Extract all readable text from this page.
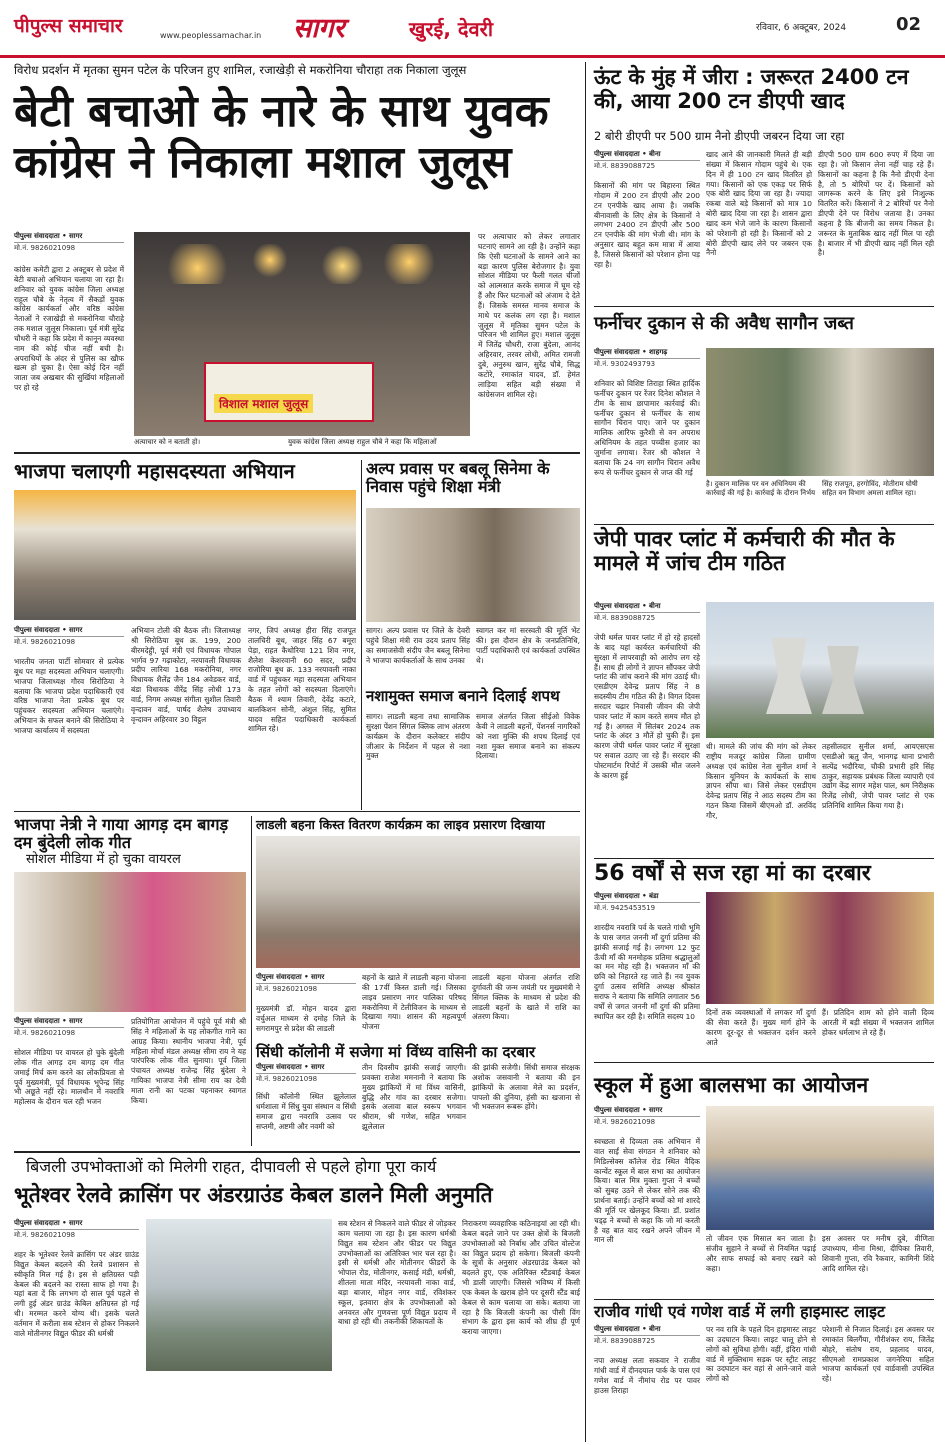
पीपुल्स समाचार	www.peoplessamachar.in सागर	खुरई, देवरी	रविवार, 6 अक्टूबर, 2024	02
विरोध प्रदर्शन में मृतका सुमन पटेल के परिजन हुए शामिल, रजाखेड़ी से मकरोनिया चौराहा तक निकाला जुलूस
बेटी बचाओ के नारे के साथ युवक कांग्रेस ने निकाला मशाल जुलूस
पीपुल्स संवाददाता • सागर
मो.नं. 9826021098
कांग्रेस कमेटी द्वारा 2 अक्टूबर से प्रदेश में बेटी बचाओ अभियान चलाया जा रहा है। शनिवार को युवक कांग्रेस जिला अध्यक्ष राहुल चौबे के नेतृत्व में सैकड़ों युवक कांग्रेस कार्यकर्ता और वरिष्ठ कांग्रेस नेताओं ने रजाखेड़ी से मकरोनिया चौराहे तक मशाल जुलूस निकाला। पूर्व मंत्री सुरेंद्र चौधरी ने कहा कि प्रदेश में कानून व्यवस्था नाम की कोई चीज नहीं बची है। अपराधियों के अंदर से पुलिस का खौफ खत्म हो चुका है। ऐसा कोई दिन नहीं जाता जब अखबार की सुर्खियां महिलाओं पर हो रहे
विशाल मशाल जुलूस
अत्याचार को न बताती हो।	युवक कांग्रेस जिला अध्यक्ष राहुल चौबे ने कहा कि महिलाओं
पर अत्याचार को लेकर लगातार घटनाएं सामने आ रही है। उन्होंने कहा कि ऐसी घटनाओं के सामने आने का बड़ा कारण पुलिस बेरोजगार है। युवा सोशल मीडिया पर फैली गलत चीजों को आत्मसात करके समाज में घूम रहे हैं और फिर घटनाओं को अंजाम दे देते हैं। जिसके समस्त मानव समाज के माथे पर कलंक लग रहा है। मशाल जुलूस में मृतिका सुमन पटेल के परिजन भी शामिल हुए। मशाल जुलूस में जितेंद्र चौधरी, राजा बुंदेला, आनंद अहिरवार, तरवर लोधी, अमित रामजी दुबे, अनुरुध खान, सुरेंद्र चौबे, सिद्ध कटोरे, रमाकांत यादव, डॉ. हेमंत लाड़िया सहित बड़ी संख्या में कांग्रेसजन शामिल रहे।
भाजपा चलाएगी महासदस्यता अभियान
पीपुल्स संवाददाता • सागर
मो.नं. 9826021098
भारतीय जनता पार्टी सोमवार से प्रत्येक बूथ पर महा सदस्यता अभियान चलाएगी। भाजपा जिलाध्यक्ष गौरव सिरोठिया ने बताया कि भाजपा प्रदेश पदाधिकारी एवं वरिष्ठ भाजपा नेता प्रत्येक बूथ पर पहुंचकर सदस्यता अभियान चलाएंगे। अभियान के सफल बनाने की सिरोठिया ने भाजपा कार्यालय में सदस्यता
अभियान टोली की बैठक ली। जिलाध्यक्ष श्री सिरोठिया बूथ क्र. 199, 200 बीरमदेहुी, पूर्व मंत्री एवं विधायक गोपाल भार्गव 97 गढ़ाकोटा, नरयावली विधायक प्रदीप लारिया 168 मकरोनिया, नगर विधायक शैलेंद्र जैन 184 अवेडकर वार्ड, बंडा विधायक वीरेंद्र सिंह लोधी 173 वार्ड, निगम अध्यक्ष संगीता सुशील तिवारी वृन्दावन वार्ड, पार्षद शैलेष उपाध्याय वृन्दावन अहिरवार 30 विट्ठल
नगर, जिपं अध्यक्ष हीरा सिंह राजपूत तालचिरी बूथ, जाहर सिंह 67 बमूरा पेड़ा, राहत कैथोरिया 121 शिव नगर, शैलेश केशरवानी 60 सदर, प्रदीप राजोरिया बूथ क्र. 133 नरयावली नाका वार्ड में पहुंचकर महा सदस्यता अभियान के तहत लोगों को सदस्यता दिलाएंगे। बैठक में श्याम तिवारी, देवेंद्र कटारे, बालकिशन सोनी, अंशुल सिंह, सुमित यादव सहित पदाधिकारी कार्यकर्ता शामिल रहे।
अल्प प्रवास पर बबलू सिनेमा के निवास पहुंचे शिक्षा मंत्री
सागर। अल्प प्रवास पर जिले के देवरी पहुंचे शिक्षा मंत्री राव उदय प्रताप सिंह का समाजसेवी संदीप जैन बबलू सिनेमा ने भाजपा कार्यकर्ताओं के साथ उनका
स्वागत कर मां सरस्वती की मूर्ति भेंट की। इस दौरान क्षेत्र के जनप्रतिनिधि, पार्टी पदाधिकारी एवं कार्यकर्ता उपस्थित थे।
नशामुक्त समाज बनाने दिलाई शपथ
सागर। लाडली बहना तथा सामाजिक सुरक्षा पेंशन सिंगल क्लिक लाभ अंतरण कार्यक्रम के दौरान कलेक्टर संदीप जीआर के निर्देशन में पहल से नशा मुक्त
समाज अंतर्गत जिला सीईओ विवेक केवी ने लाडली बहनों, पेंशनर्स नागरिकों को नशा मुक्ति की शपथ दिलाई एवं नशा मुक्त समाज बनाने का संकल्प दिलाया।
भाजपा नेत्री ने गाया आगड़ दम बागड़ दम बुंदेली लोक गीत
सोशल मीडिया में हो चुका वायरल
पीपुल्स संवाददाता • सागर
मो.नं. 9826021098
सोशल मीडिया पर वायरल हो चुके बुंदेली लोक गीत आगड़ दम बागड़ दम गीत जमाई मिर्च कम करने का लोकप्रियता से पूर्व मुख्यमंत्री, पूर्व विधायक भूपेन्द्र सिंह भी अछूते नहीं रहे। मालथौन में नवरात्रि महोत्सव के दौरान चल रही भजन
प्रतियोगिता आयोजन में पहुंचे पूर्व मंत्री श्री सिंह ने महिलाओं के यह लोकगीत गाने का आग्रह किया। स्थानीय भाजपा नेत्री, पूर्व महिला मोर्चा मंडल अध्यक्ष सीमा राय ने यह पारंपरिक लोक गीत सुनाया। पूर्व जिला पंचायत अध्यक्ष राजेन्द्र सिंह बुंदेला ने गायिका भाजपा नेत्री सीमा राय का देवी माता रानी का पटका पहनाकर स्वागत किया।
लाडली बहना किस्त वितरण कार्यक्रम का लाइव प्रसारण दिखाया
पीपुल्स संवाददाता • सागर
मो.नं. 9826021098
मुख्यमंत्री डॉ. मोहन यादव द्वारा वर्चुअल माध्यम से दमोह जिले के सगरामपुर से प्रदेश की लाडली
बहनों के खाते में लाडली बहना योजना की 17वीं किस्त डाली गई। जिसका लाइव प्रसारण नगर पालिका परिषद मकरोनिया में टेलीविजन के माध्यम से दिखाया गया। शासन की महत्वपूर्ण योजना
लाडली बहना योजना अंतर्गत राशि दुर्गावती की जन्म जयंती पर मुख्यमंत्री ने सिंगल क्लिक के माध्यम से प्रदेश की लाडली बहनों के खाते में राशि का अंतरण किया।
सिंधी कॉलोनी में सजेगा मां विंध्य वासिनी का दरबार
पीपुल्स संवाददाता • सागर
मो.नं. 9826021098
सिंधी कॉलोनी स्थित झूलेलाल धर्मशाला में सिंधु युवा संस्थान व सिंधी समाज द्वारा नवरात्रि उत्सव पर सप्तमी, अष्टमी और नवमी को
तीन दिवसीय झांकी सजाई जाएगी। प्रवक्ता राजेश ममनानी ने बताया कि मुख्य झांकियों में मां विंध्य वासिनी, बुद्धि और गांव का दरबार सजेगा। इसके अलावा बाल स्वरूप भगवान श्रीराम, श्री गणेश, सहित भगवान झूलेलाल
की झांकी सजेगी। सिंधी समाज संरक्षक अशोक जसवानी ने बताया की इन झांकियों के अलावा मेले का प्रदर्शन, पापलो की दुनिया, हंसी का खजाना से भी भक्तजन रूबरू होंगे।
बिजली उपभोक्ताओं को मिलेगी राहत, दीपावली से पहले होगा पूरा कार्य
भूतेश्वर रेलवे क्रासिंग पर अंडरग्राउंड केबल डालने मिली अनुमति
पीपुल्स संवाददाता • सागर
मो.नं. 9826021098
शहर के भूतेश्वर रेलवे क्रासिंग पर अंडर ग्राउंड विद्युत केबल बदलने की रेलवे प्रशासन से स्वीकृति मिल गई है। इस से क्षतिग्रस्त पड़ी केबल की बदलने का रास्ता साफ हो गया है। यहां बता दें कि लगभग दो साल पूर्व पहले से लगी हुई अंडर ग्राउंड केबिल क्षतिग्रस्त हो गई थी। मरम्मत करने योग्य थी। इसके चलते वर्तमान में करीला सब स्टेशन से होकर निकलने वाले मोतीनगर विद्युत फीडर की धर्मश्री
सब स्टेशन से निकलने वाले फीडर से जोड़कर काम चलाया जा रहा है। इस कारण धर्मश्री विद्युत सब स्टेशन और फीडर पर विद्युत उपभोक्ताओं का अतिरिक्त भार चल रहा है। इसी से धर्मश्री और मोतीनगर फीडरों के भोपाल रोड, मोतीनगर, कसाई मंडी, धर्मश्री, शीतला माता मंदिर, नरयावली नाका वार्ड, बड़ा बाजार, मोहन नगर वार्ड, रविशंकर स्कूल, इतवारा क्षेत्र के उपभोक्ताओं को अनवरत और गुणवत्ता पूर्ण विद्युत प्रदाय में बाधा हो रही थी। तकनीकी शिकायतों के
निराकरण व्यवहारिक कठिनाइयां आ रही थी। केबल बदले जाने पर उक्त क्षेत्रों के बिजली उपभोक्ताओं को निर्बाध और उचित वोल्टेज का विद्युत प्रदाय हो सकेगा। बिजली कंपनी के सूत्रों के अनुसार अंडरग्राउंड केबल को बदलते हुए, एक अतिरिक्त स्टैंडबाई केबल भी डाली जाएगी। जिससे भविष्य में किसी एक केबल के खराब होने पर दूसरी स्टैंड बाई केबल से काम चलाया जा सके। बताया जा रहा है कि बिजली कंपनी का पीसी विंग संभाग के द्वारा इस कार्य को शीघ्र ही पूर्ण कराया जाएगा।
ऊंट के मुंह में जीरा : जरूरत 2400 टन की, आया 200 टन डीएपी खाद
2 बोरी डीएपी पर 500 ग्राम नैनो डीएपी जबरन दिया जा रहा
पीपुल्स संवाददाता • बीना
मो.नं. 8839088725
किसानों की मांग पर बिहारना स्थित गोदाम में 200 टन डीएपी और 200 टन एनपीके खाद आया है। जबकि बीनावासी के लिए क्षेत्र के किसानों ने लगभग 2400 टन डीएपी और 500 टन एनपीके की मांग भेजी थी। मांग के अनुसार खाद बहुत कम मात्रा में आया है, जिससे किसानों को परेशान होना पड़ रहा है।
खाद आने की जानकारी मिलते ही बड़ी संख्या में किसान गोदाम पहुंचे थे। एक दिन में ही 100 टन खाद वितरित हो गया। किसानों को एक एकड़ पर सिर्फ एक बोरी खाद दिया जा रहा है। ज्यादा रकबा वाले बड़े किसानों को मात्र 10 बोरी खाद दिया जा रहा है। शासन द्वारा खाद कम भेजे जाने के कारण किसानों को परेशानी हो रही है। किसानों को 2 बोरी डीएपी खाद लेने पर जबरन एक नैनो
डीएपी 500 ग्राम 600 रुपए में दिया जा रहा है। जो किसान लेना नहीं चाह रहे हैं। किसानों का कहना है कि नैनो डीएपी देना है, तो 5 बोरियों पर दें। किसानों को जागरूक करने के लिए इसे निःशुल्क वितरित करें। किसानों ने 2 बोरियों पर नैनो डीएपी देने पर विरोध जताया है। उनका कहना है कि बीजनी का समय निकल है। जरूरत के मुताबिक खाद नहीं मिल पा रही है। बाजार में भी डीएपी खाद नहीं मिल रही है।
फर्नीचर दुकान से की अवैध सागौन जब्त
पीपुल्स संवाददाता • शाहगढ़
मो.नं. 9302493793
शनिवार को विशिष्ट तिराहा स्थित हार्दिक फर्नीचर दुकान पर रेंजर दिनेश कौशल ने टीम के साथ छापामार कार्रवाई की। फर्नीचर दुकान से फर्नीचर के साथ सागौन चिरान पाए। जाने पर दुकान मालिक आरिफ कुरैशी से वन अपराध अधिनियम के तहत पच्चीस हजार का जुर्माना लगाया। रेंजर श्री कौशल ने बताया कि 24 नग सागौन चिरान अवैध रूप से फर्नीचर दुकान से जप्त की गई
है। दुकान मालिक पर वन अधिनियम की कार्रवाई की गई है। कार्रवाई के दौरान निर्भय
सिंह राजपूत, हरगोविंद, मोतीराम घोषी सहित वन विभाग अमला शामिल रहा।
जेपी पावर प्लांट में कर्मचारी की मौत के मामले में जांच टीम गठित
पीपुल्स संवाददाता • बीना
मो.नं. 8839088725
जेपी थर्मल पावर प्लांट में हो रहे हादसों के बाद यहां कार्यरत कर्मचारियों की सुरक्षा में लापरवाही को आरोप लग रहे हैं। साथ ही लोगों ने ज्ञापन सौंपकर जेपी प्लांट की जांच कराने की मांग उठाई थी। एसडीएम देवेन्द्र प्रताप सिंह ने 8 सदस्यीय टीम गठित की है। विगत दिवस सरदार चढ़ार निवासी जीवन की जेपी पावर प्लांट में काम करते समय मौत हो गई है। अगस्त में सितंबर 2024 तक प्लांट के अंदर 3 मौतें हो चुकी हैं। इस कारण जेपी थर्मल पावर प्लांट में सुरक्षा पर सवाल उठाए जा रहे हैं। सरदार की पोस्टमार्टम रिपोर्ट में उसकी मौत जलने के कारण हुई
थी। मामले की जांच की मांग को लेकर राष्ट्रीय मजदूर कांग्रेस जिला ग्रामीण अध्यक्ष एवं कांग्रेस नेता सुनील शर्मा ने किसान यूनियन के कार्यकर्ता के साथ ज्ञापन सौंपा था। जिसे लेकर एसडीएम देवेन्द्र प्रताप सिंह ने आठ सदस्य टीम का गठन किया जिसमें बीएमओ डॉ. अरविंद गौर,
तहसीलदार सुनील शर्मा, आयएसएस एसडीओ ऋतु जैन, भानगढ़ थाना प्रभारी सत्येंद्र भदौरिया, चौकी प्रभारी हरि सिंह ठाकुर, सहायक प्रबंधक जिला व्यापारी एवं उद्योग केंद्र सागर महेश पाल, श्रम निरीक्षक रिजेंद्र लोधी, जेपी पावर प्लांट से एक प्रतिनिधि शामिल किया गया है।
56 वर्षों से सज रहा मां का दरबार
पीपुल्स संवाददाता • बंडा
मो.नं. 9425453519
शारदीय नवरात्रि पर्व के चलते गांधी भूमि के पास जगत जननी माँ दुर्गा प्रतिमा की झांकी सजाई गई है। लगभग 12 फुट ऊँची माँ की मनमोहक प्रतिमा श्रद्धालुओं का मन मोह रही है। भक्तजन माँ की छवि को निहारते रह जाते हैं। नव युवक दुर्गा उत्सव समिति अध्यक्ष श्रीकांत सराफ ने बताया कि समिति लगातार 56 वर्षों से जगत जननी माँ दुर्गा की प्रतिमा स्थापित कर रही है। समिति सदस्य 10	दिनों तक व्यवस्थाओं में लगकर माँ दुर्गा की सेवा करते हैं। मुख्य मार्ग होने के कारण दूर-दूर से भक्तजन दर्शन करने आते
हैं। प्रतिदिन शाम को होने वाली दिव्य आरती में बड़ी संख्या में भक्तजन शामिल होकर धर्मलाभ ले रहे हैं।
स्कूल में हुआ बालसभा का आयोजन
पीपुल्स संवाददाता • सागर
मो.नं. 9826021098
स्वच्छता से दिव्यता तक अभियान में वात साईं सेवा संगठन ने शनिवार को मिडिल्सेक्स कॉलेज रोड स्थित वैदिक कान्वेंट स्कूल में बाल सभा का आयोजन किया। बाल मित्र मुक्ता गुप्ता ने बच्चों को सुबह उठने से लेकर सोने तक की प्रार्थना बताई। उन्होंने बच्चों को मां शारदे की मूर्ति पर खेलकूद किया। डॉ. प्रशांत चड्ढ़ ने बच्चों से कहा कि जो मां करती है वह बात याद रखने अपने जीवन में मान ली	तो जीवन एक मिसाल बन जाता है। संजीव सुहाने ने बच्चों से नियमित पढ़ाई और साफ सफाई को बनाए रखने को कहा।
इस अवसर पर मनीष दुबे, वीणिता उपाध्याय, मीना मिश्रा, दीपिका तिवारी, शिवानी गुप्ता, रवि रैकवार, कामिनी शिंदे आदि शामिल रहे।
राजीव गांधी एवं गणेश वार्ड में लगी हाइमास्ट लाइट
पीपुल्स संवाददाता • बीना
मो.नं. 8839088725
नपा अध्यक्ष लता सकवार ने राजीव गांधी वार्ड में दीनदयाल पार्क के पास एवं गणेश वार्ड में नीमांच रोड पर पावर हाउस तिराहा
पर नव रात्रि के पहले दिन हाइमास्ट लाइट का उदघाटन किया। लाइट चालू होने से लोगों को सुविधा होगी। वहीं, इंदिरा गांधी वार्ड में मुक्तिधाम सड़क पर स्ट्रीट लाइट का उदघाटन कर वहां से आने-जाने वाले लोगों को
परेशानी से निजात दिलाई। इस अवसर पर रमाकांत बिलगैंया, गौरीशंकर राय, जितेंद्र बोहरे, संतोष राय, प्रहलाद यादव, सीएमओ रामप्रकाश जगनेरिया सहित भाजपा कार्यकर्ता एवं वार्डवासी उपस्थित रहे।
